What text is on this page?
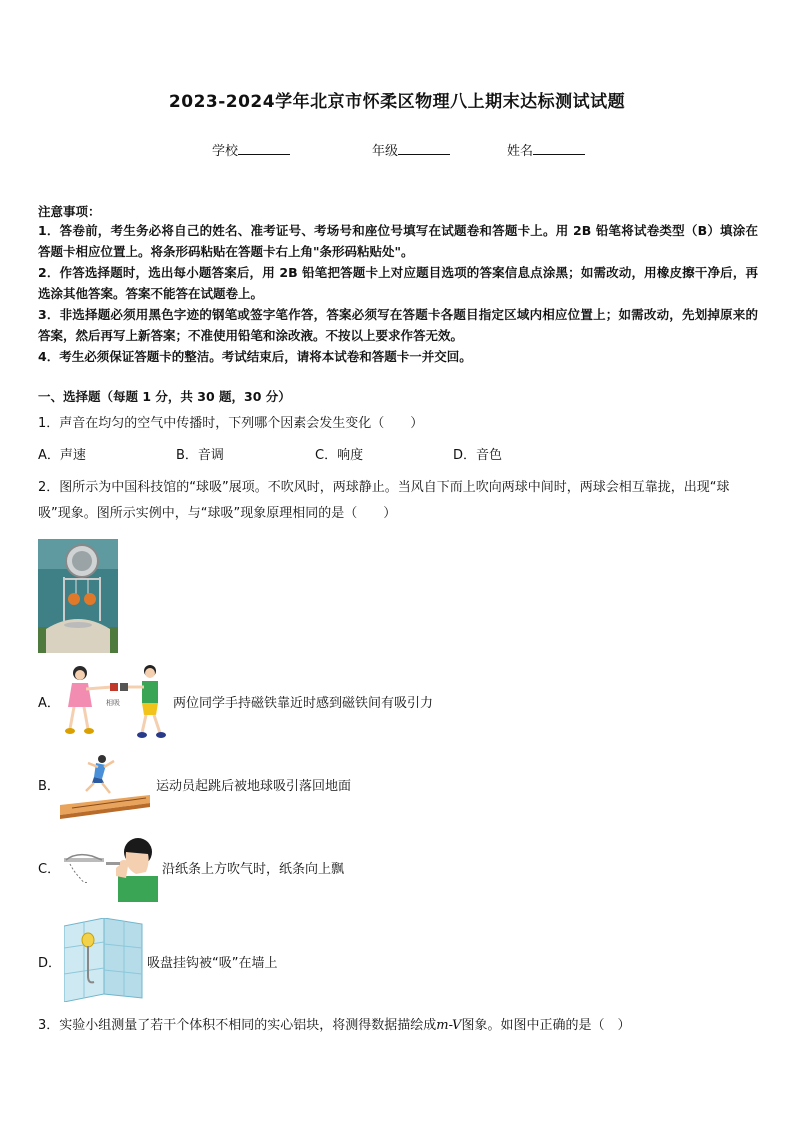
2023-2024学年北京市怀柔区物理八上期末达标测试试题
学校	年级	姓名
注意事项：
1．答卷前，考生务必将自己的姓名、准考证号、考场号和座位号填写在试题卷和答题卡上。用 2B 铅笔将试卷类型（B）填涂在答题卡相应位置上。将条形码粘贴在答题卡右上角"条形码粘贴处"。
2．作答选择题时，选出每小题答案后，用 2B 铅笔把答题卡上对应题目选项的答案信息点涂黑；如需改动，用橡皮擦干净后，再选涂其他答案。答案不能答在试题卷上。
3．非选择题必须用黑色字迹的钢笔或签字笔作答，答案必须写在答题卡各题目指定区域内相应位置上；如需改动，先划掉原来的答案，然后再写上新答案；不准使用铅笔和涂改液。不按以上要求作答无效。
4．考生必须保证答题卡的整洁。考试结束后，请将本试卷和答题卡一并交回。
一、选择题（每题 1 分，共 30 题，30 分）
1．声音在均匀的空气中传播时，下列哪个因素会发生变化（　　）
A．声速	B．音调	C．响度	D．音色
2．图所示为中国科技馆的“球吸”展项。不吹风时，两球静止。当风自下而上吹向两球中间时，两球会相互靠拢，出现“球吸”现象。图所示实例中，与“球吸”现象原理相同的是（　　）
A．	相吸	两位同学手持磁铁靠近时感到磁铁间有吸引力
B．	运动员起跳后被地球吸引落回地面
C．	沿纸条上方吹气时，纸条向上飘
D．	吸盘挂钩被“吸”在墙上
3．实验小组测量了若干个体积不相同的实心铝块，将测得数据描绘成m-V图象。如图中正确的是（　）
